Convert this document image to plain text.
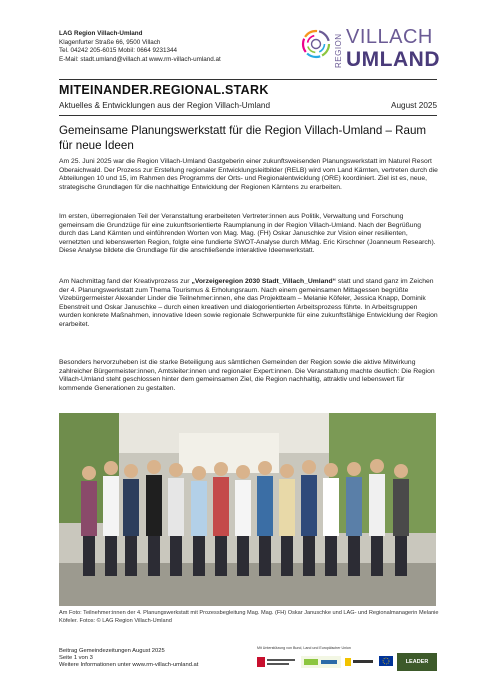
LAG Region Villach-Umland
Klagenfurter Straße 66, 9500 Villach
Tel. 04242 205-6015 Mobil: 0664 9231344
E-Mail: stadt.umland@villach.at www.rm-villach-umland.at	REGION VILLACH
UMLAND
MITEINANDER.REGIONAL.STARK
Aktuelles & Entwicklungen aus der Region Villach-Umland	August 2025
Gemeinsame Planungswerkstatt für die Region Villach-Umland – Raum für neue Ideen

Am 25. Juni 2025 war die Region Villach-Umland Gastgeberin einer zukunftsweisenden Planungswerkstatt im Naturel Resort Oberaichwald. Der Prozess zur Erstellung regionaler Entwicklungsleitbilder (RELB) wird vom Land Kärnten, vertreten durch die Abteilungen 10 und 15, im Rahmen des Programms der Orts- und Regionalentwicklung (ORE) koordiniert. Ziel ist es, neue, strategische Grundlagen für die nachhaltige Entwicklung der Regionen Kärntens zu erarbeiten.

Im ersten, überregionalen Teil der Veranstaltung erarbeiteten Vertreter:innen aus Politik, Verwaltung und Forschung gemeinsam die Grundzüge für eine zukunftsorientierte Raumplanung in der Region Villach-Umland. Nach der Begrüßung durch das Land Kärnten und einführenden Worten von Mag. Mag. (FH) Oskar Januschke zur Vision einer resilienten, vernetzten und lebenswerten Region, folgte eine fundierte SWOT-Analyse durch MMag. Eric Kirschner (Joanneum Research). Diese Analyse bildete die Grundlage für die anschließende interaktive Ideenwerkstatt.

Am Nachmittag fand der Kreativprozess zur „Vorzeigeregion 2030 Stadt_Villach_Umland“ statt und stand ganz im Zeichen der 4. Planungswerkstatt zum Thema Tourismus & Erholungsraum. Nach einem gemeinsamen Mittagessen begrüßte Vizebürgermeister Alexander Linder die Teilnehmer:innen, ehe das Projektteam – Melanie Köfeler, Jessica Knapp, Dominik Ebenstreit und Oskar Januschke – durch einen kreativen und dialogorientierten Arbeitsprozess führte. In Arbeitsgruppen wurden konkrete Maßnahmen, innovative Ideen sowie regionale Schwerpunkte für eine zukunftsfähige Entwicklung der Region erarbeitet.

Besonders hervorzuheben ist die starke Beteiligung aus sämtlichen Gemeinden der Region sowie die aktive Mitwirkung zahlreicher Bürgermeister:innen, Amtsleiter:innen und regionaler Expert:innen. Die Veranstaltung machte deutlich: Die Region Villach-Umland steht geschlossen hinter dem gemeinsamen Ziel, die Region nachhaltig, attraktiv und lebenswert für kommende Generationen zu gestalten.

Am Foto: Teilnehmer:innen der 4. Planungswerkstatt mit Prozessbegleitung Mag. Mag. (FH) Oskar Januschke und LAG- und Regionalmanagerin Melanie Köfeler. Fotos: © LAG Region Villach-Umland
Beitrag Gemeindezeitungen August 2025
Seite 1 von 3
Weitere Informationen unter www.rm-villach-umland.at
Mit Unterstützung von Bund, Land und Europäischer Union
LEADER
